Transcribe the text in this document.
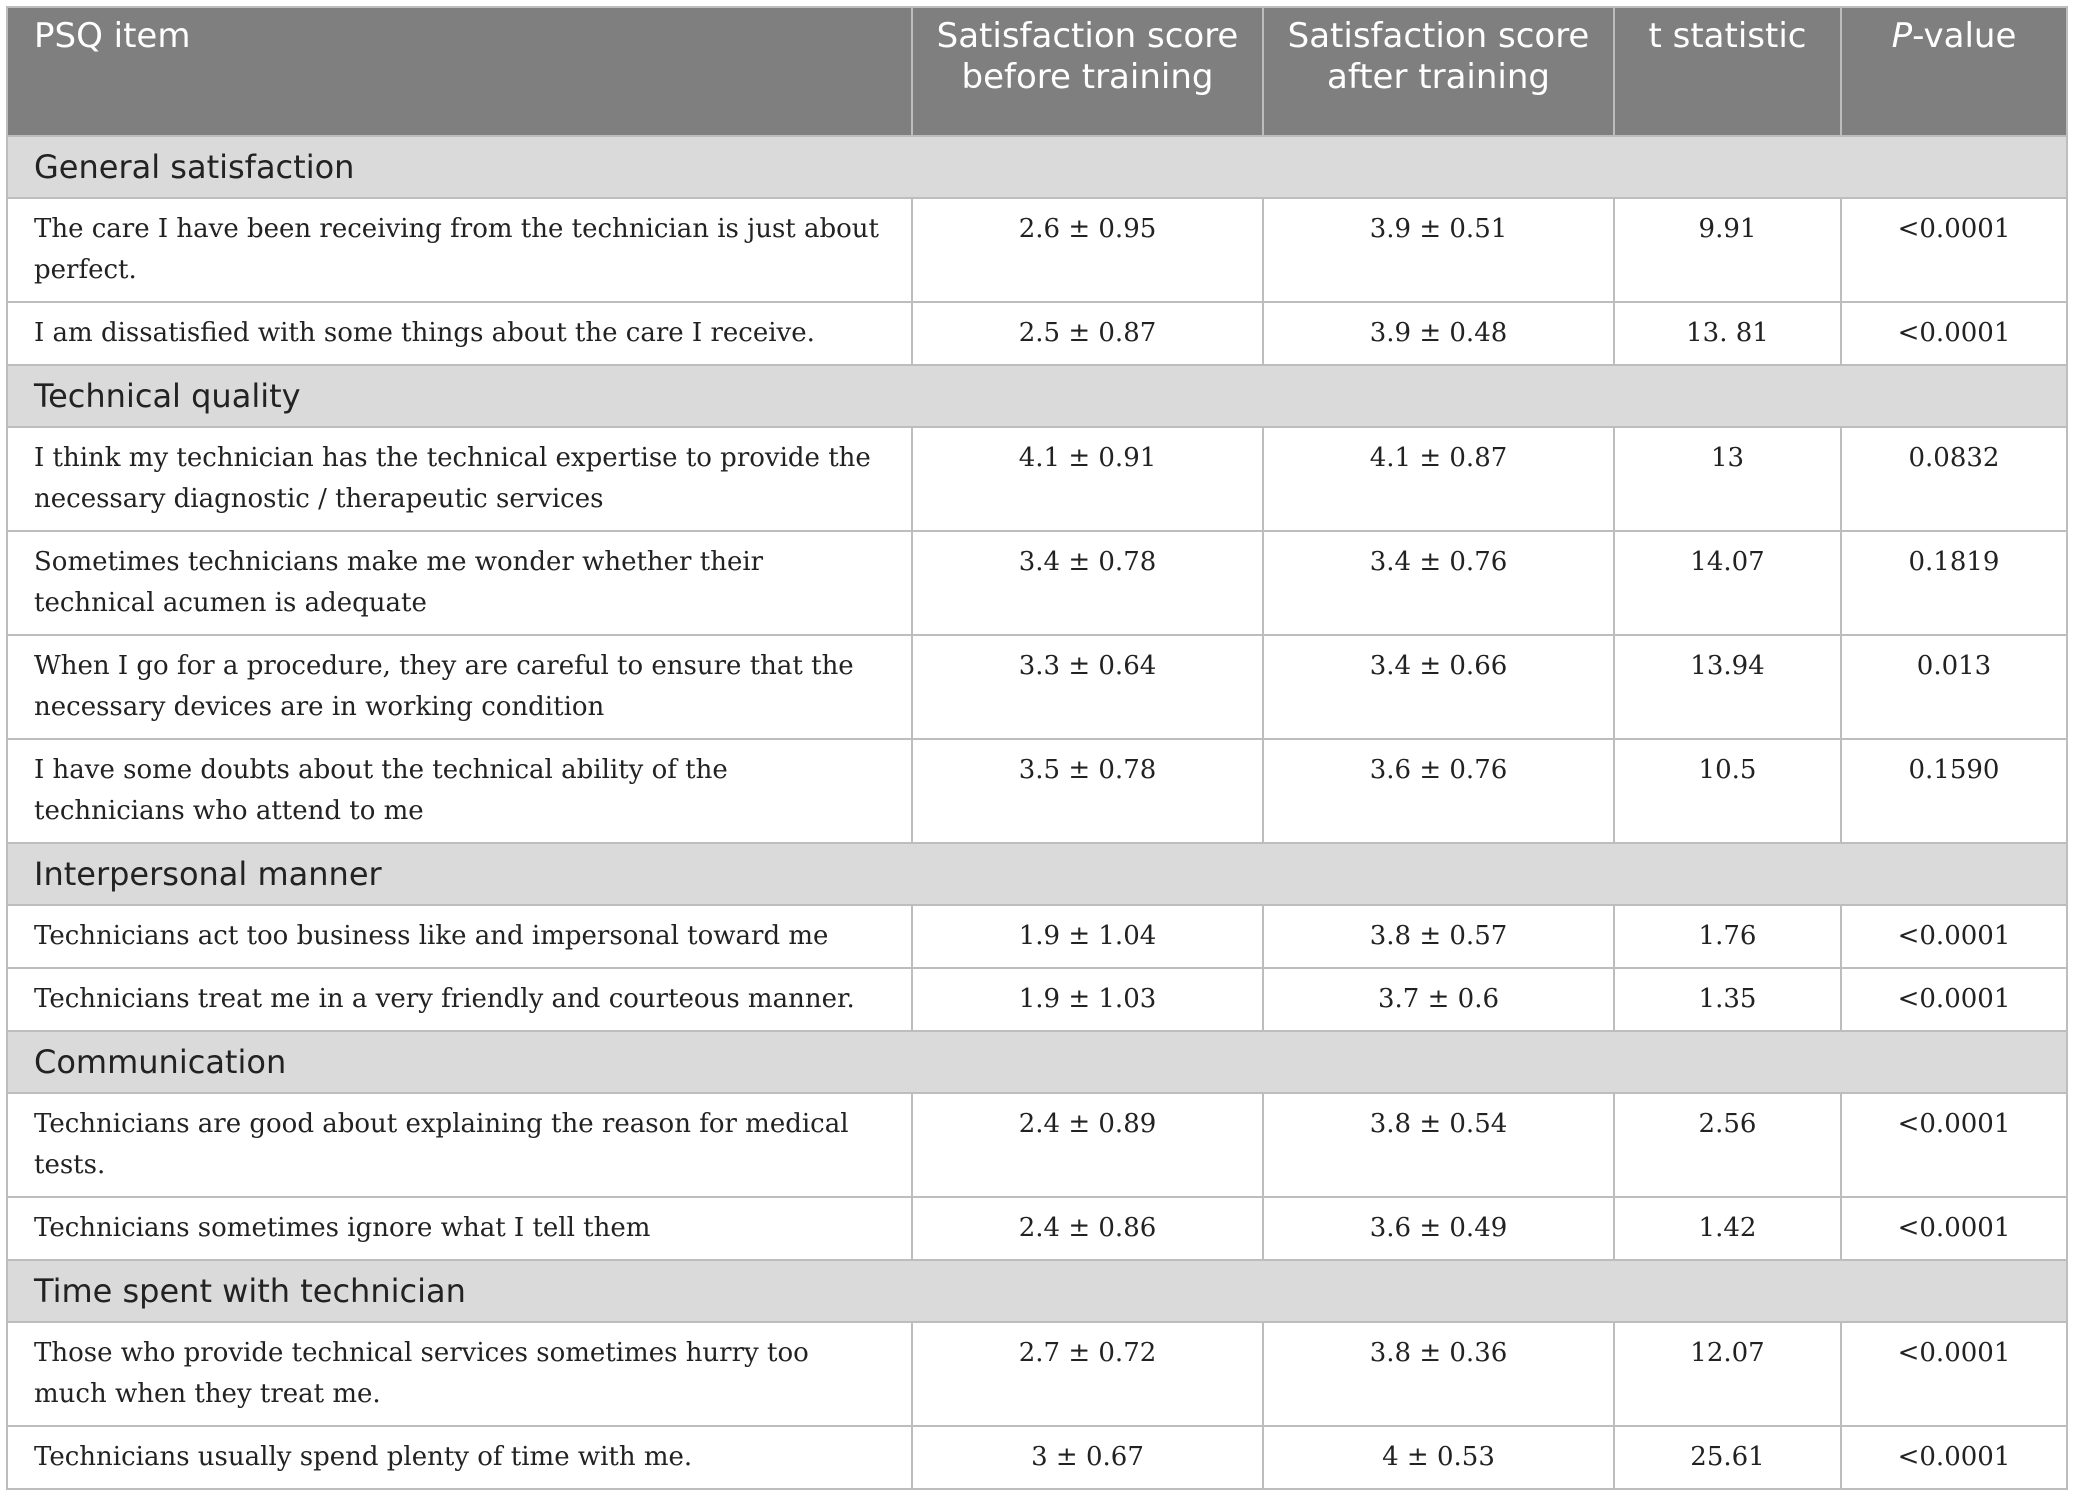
PSQ item	Satisfaction score before training	Satisfaction score after training	t statistic	P-value
General satisfaction				
The care I have been receiving from the technician is just about perfect.	2.6 ± 0.95	3.9 ± 0.51	9.91	<0.0001
I am dissatisfied with some things about the care I receive.	2.5 ± 0.87	3.9 ± 0.48	13. 81	<0.0001
Technical quality				
I think my technician has the technical expertise to provide the necessary diagnostic / therapeutic services	4.1 ± 0.91	4.1 ± 0.87	13	0.0832
Sometimes technicians make me wonder whether their technical acumen is adequate	3.4 ± 0.78	3.4 ± 0.76	14.07	0.1819
When I go for a procedure, they are careful to ensure that the necessary devices are in working condition	3.3 ± 0.64	3.4 ± 0.66	13.94	0.013
I have some doubts about the technical ability of the technicians who attend to me	3.5 ± 0.78	3.6 ± 0.76	10.5	0.1590
Interpersonal manner				
Technicians act too business like and impersonal toward me	1.9 ± 1.04	3.8 ± 0.57	1.76	<0.0001
Technicians treat me in a very friendly and courteous manner.	1.9 ± 1.03	3.7 ± 0.6	1.35	<0.0001
Communication				
Technicians are good about explaining the reason for medical tests.	2.4 ± 0.89	3.8 ± 0.54	2.56	<0.0001
Technicians sometimes ignore what I tell them	2.4 ± 0.86	3.6 ± 0.49	1.42	<0.0001
Time spent with technician				
Those who provide technical services sometimes hurry too much when they treat me.	2.7 ± 0.72	3.8 ± 0.36	12.07	<0.0001
Technicians usually spend plenty of time with me.	3 ± 0.67	4 ± 0.53	25.61	<0.0001
